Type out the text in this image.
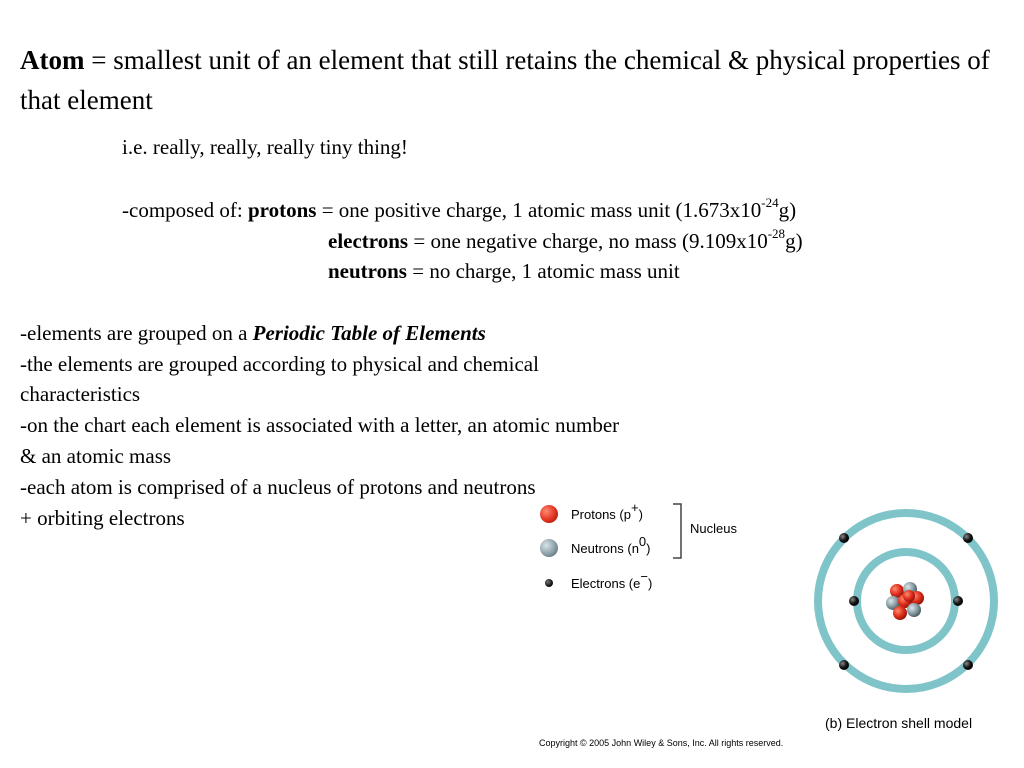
Atom = smallest unit of an element that still retains the chemical & physical properties of that element
i.e. really, really, really tiny thing!
-composed of: protons = one positive charge, 1 atomic mass unit $(1.673x10^{-24}g)$
electrons = one negative charge, no mass $(9.109x10^{-28}g)$
neutrons = no charge, 1 atomic mass unit
-elements are grouped on a Periodic Table of Elements
-the elements are grouped according to physical and chemical
characteristics
-on the chart each element is associated with a letter, an atomic number
& an atomic mass
-each atom is comprised of a nucleus of protons and neutrons
+ orbiting electrons	Protons (p+)
Neutrons $(n^0)$
Electrons (e−)
Nucleus
(b) Electron shell model
Copyright © 2005 John Wiley & Sons, Inc. All rights reserved.
